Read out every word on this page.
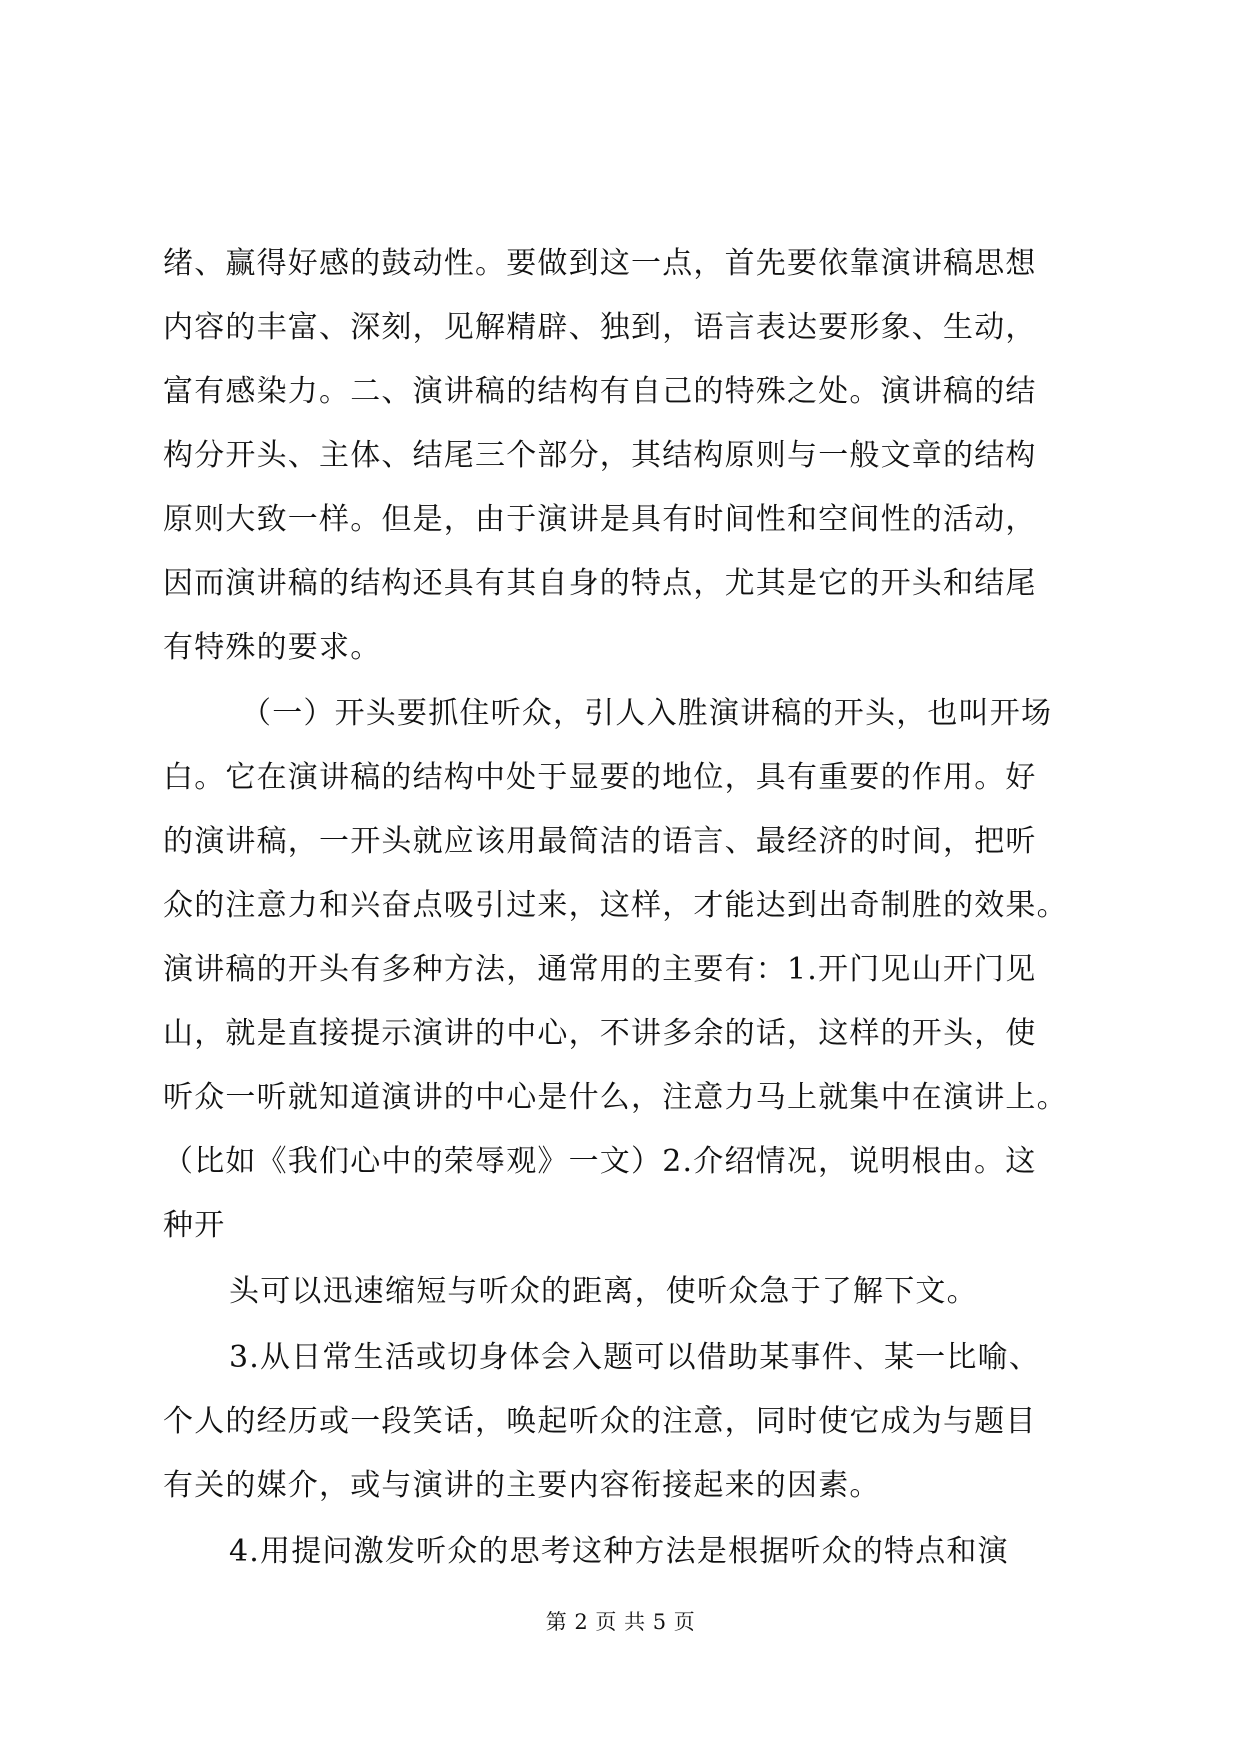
绪、赢得好感的鼓动性。要做到这一点，首先要依靠演讲稿思想
内容的丰富、深刻，见解精辟、独到，语言表达要形象、生动，
富有感染力。二、演讲稿的结构有自己的特殊之处。演讲稿的结
构分开头、主体、结尾三个部分，其结构原则与一般文章的结构
原则大致一样。但是，由于演讲是具有时间性和空间性的活动，
因而演讲稿的结构还具有其自身的特点，尤其是它的开头和结尾
有特殊的要求。
（一）开头要抓住听众，引人入胜演讲稿的开头，也叫开场
白。它在演讲稿的结构中处于显要的地位，具有重要的作用。好
的演讲稿，一开头就应该用最简洁的语言、最经济的时间，把听
众的注意力和兴奋点吸引过来，这样，才能达到出奇制胜的效果。
演讲稿的开头有多种方法，通常用的主要有：1.开门见山开门见
山，就是直接提示演讲的中心，不讲多余的话，这样的开头，使
听众一听就知道演讲的中心是什么，注意力马上就集中在演讲上。
（比如《我们心中的荣辱观》一文）2.介绍情况，说明根由。这
种开
头可以迅速缩短与听众的距离，使听众急于了解下文。
3.从日常生活或切身体会入题可以借助某事件、某一比喻、
个人的经历或一段笑话，唤起听众的注意，同时使它成为与题目
有关的媒介，或与演讲的主要内容衔接起来的因素。
4.用提问激发听众的思考这种方法是根据听众的特点和演
第 2 页 共 5 页
